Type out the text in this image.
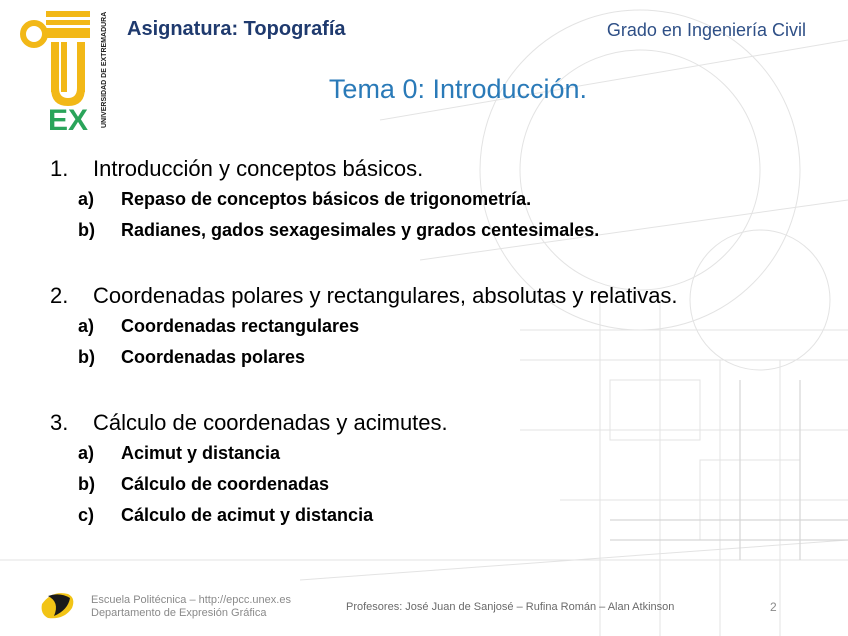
EX UNIVERSIDAD DE EXTREMADURA Asignatura: Topografía	Grado en Ingeniería Civil
Tema 0: Introducción.
1.	Introducción y conceptos básicos.
a)	Repaso de conceptos básicos de trigonometría.
b)	Radianes, gados sexagesimales y grados centesimales.
2.	Coordenadas polares y rectangulares, absolutas y relativas.
a)	Coordenadas rectangulares
b)	Coordenadas polares
3.	Cálculo de coordenadas y acimutes.
a)	Acimut y distancia
b)	Cálculo de coordenadas
c)	Cálculo de acimut y distancia
Escuela Politécnica – http://epcc.unex.es
Departamento de Expresión Gráfica	Profesores: José Juan de Sanjosé – Rufina Román – Alan Atkinson	2
